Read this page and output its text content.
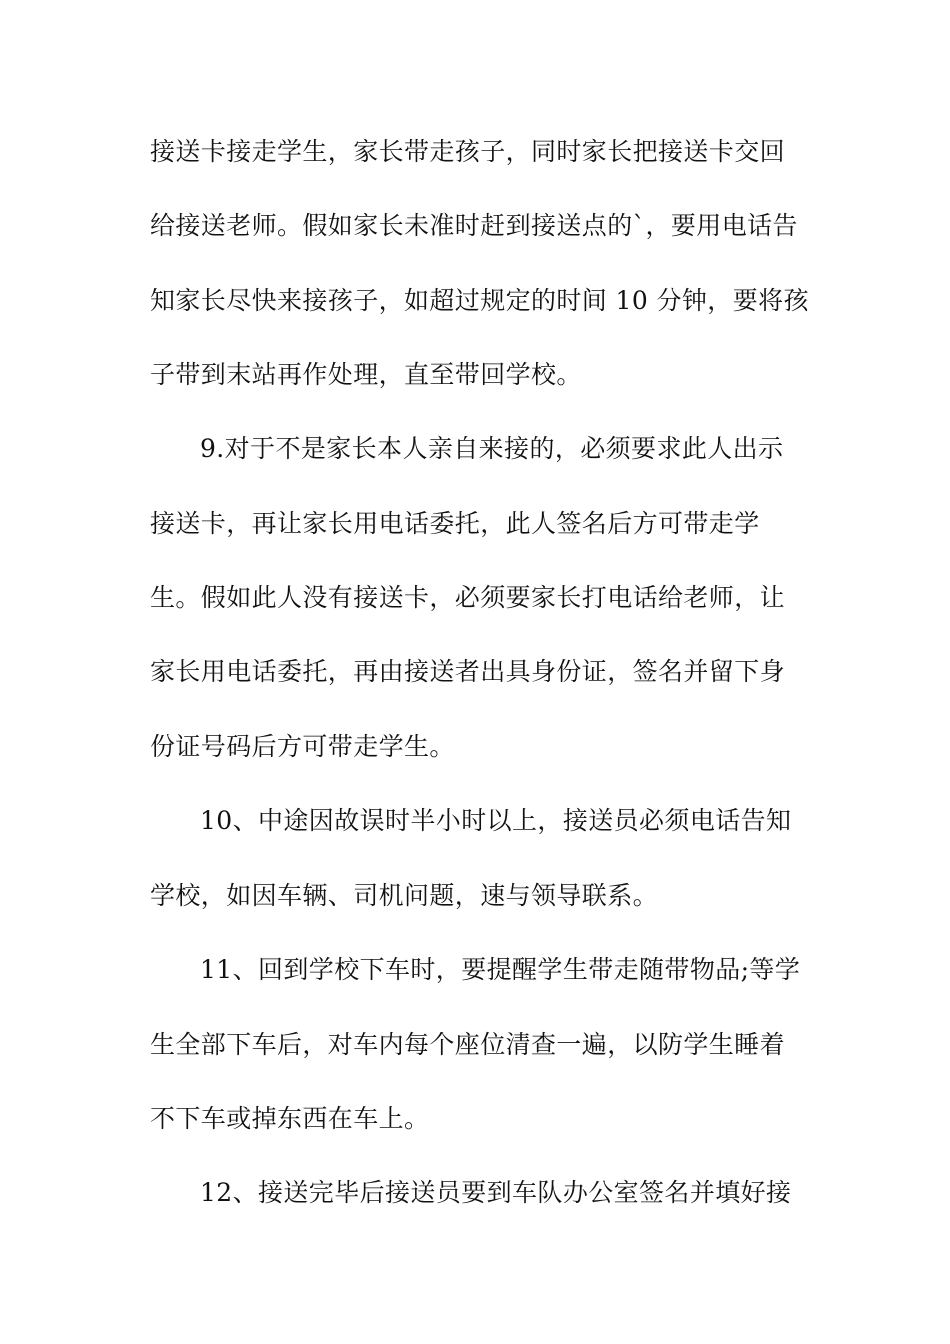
接送卡接走学生，家长带走孩子，同时家长把接送卡交回
给接送老师。假如家长未准时赶到接送点的`，要用电话告
知家长尽快来接孩子，如超过规定的时间 10 分钟，要将孩
子带到末站再作处理，直至带回学校。
9.对于不是家长本人亲自来接的，必须要求此人出示
接送卡，再让家长用电话委托，此人签名后方可带走学
生。假如此人没有接送卡，必须要家长打电话给老师，让
家长用电话委托，再由接送者出具身份证，签名并留下身
份证号码后方可带走学生。
10、中途因故误时半小时以上，接送员必须电话告知
学校，如因车辆、司机问题，速与领导联系。
11、回到学校下车时，要提醒学生带走随带物品;等学
生全部下车后，对车内每个座位清查一遍，以防学生睡着
不下车或掉东西在车上。
12、接送完毕后接送员要到车队办公室签名并填好接
